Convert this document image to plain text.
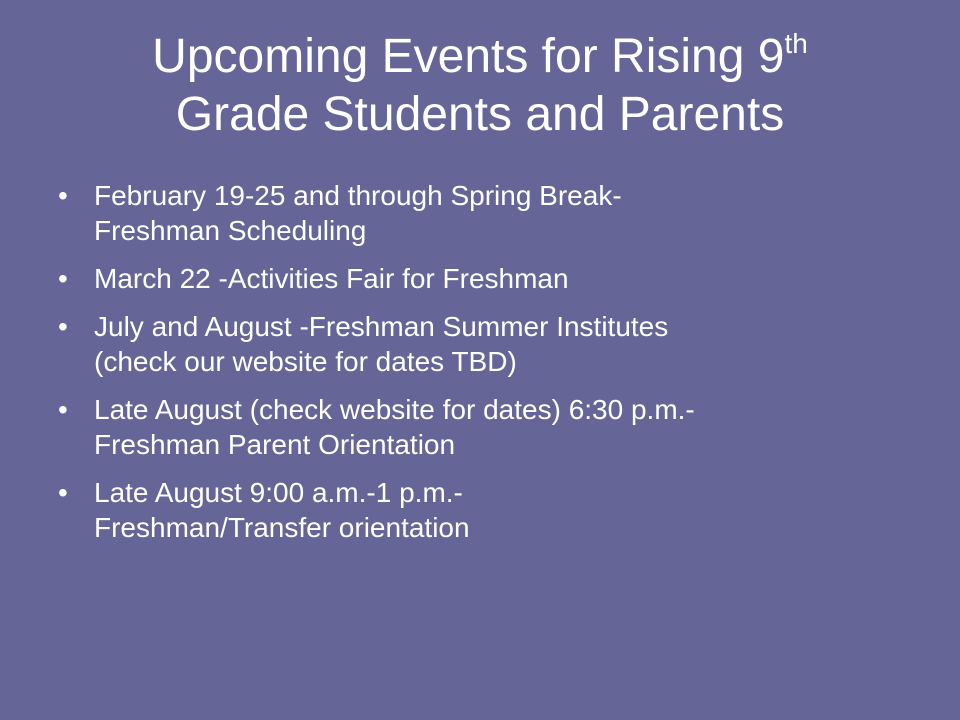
Upcoming Events for Rising 9th
Grade Students and Parents
• February 19-25 and through Spring Break-
Freshman Scheduling
• March 22 -Activities Fair for Freshman
• July and August -Freshman Summer Institutes
(check our website for dates TBD)
• Late August (check website for dates) 6:30 p.m.-
Freshman Parent Orientation
• Late August 9:00 a.m.-1 p.m.-
Freshman/Transfer orientation
